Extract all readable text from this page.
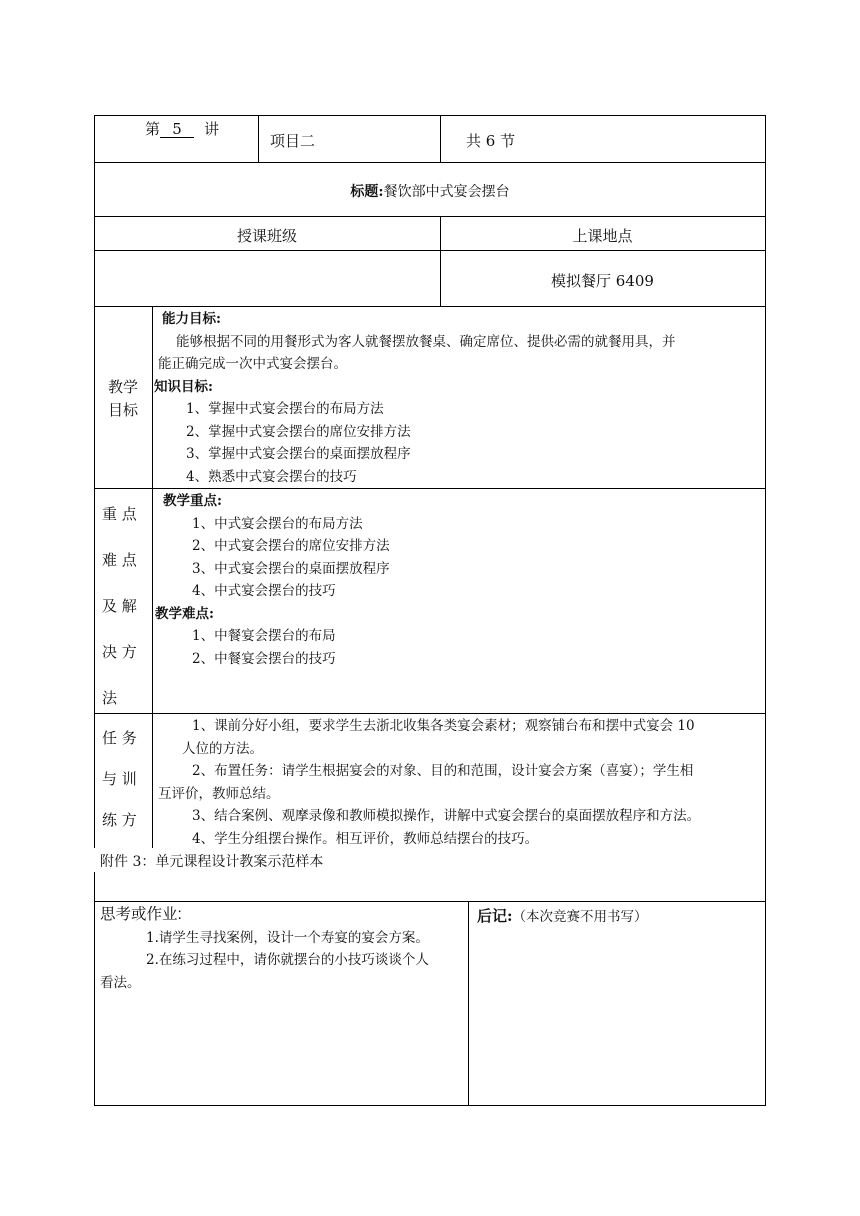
第 5 讲
项目二	共 6 节
标题:餐饮部中式宴会摆台
授课班级	上课地点
模拟餐厅 6409
教学
目标
能力目标:
能够根据不同的用餐形式为客人就餐摆放餐桌、确定席位、提供必需的就餐用具，并
能正确完成一次中式宴会摆台。
知识目标:
1、掌握中式宴会摆台的布局方法
2、掌握中式宴会摆台的席位安排方法
3、掌握中式宴会摆台的桌面摆放程序
4、熟悉中式宴会摆台的技巧
重 点
难 点
及 解
决 方
法
教学重点:
1、中式宴会摆台的布局方法
2、中式宴会摆台的席位安排方法
3、中式宴会摆台的桌面摆放程序
4、中式宴会摆台的技巧
教学难点:
1、中餐宴会摆台的布局
2、中餐宴会摆台的技巧
任 务
与 训
练 方
1、课前分好小组，要求学生去浙北收集各类宴会素材；观察铺台布和摆中式宴会 10
人位的方法。
2、布置任务：请学生根据宴会的对象、目的和范围，设计宴会方案（喜宴）；学生相
互评价，教师总结。
3、结合案例、观摩录像和教师模拟操作，讲解中式宴会摆台的桌面摆放程序和方法。
4、学生分组摆台操作。相互评价，教师总结摆台的技巧。
附件 3：单元课程设计教案示范样本
思考或作业:
1.请学生寻找案例，设计一个寿宴的宴会方案。
2.在练习过程中，请你就摆台的小技巧谈谈个人
看法。
后记:（本次竞赛不用书写）
